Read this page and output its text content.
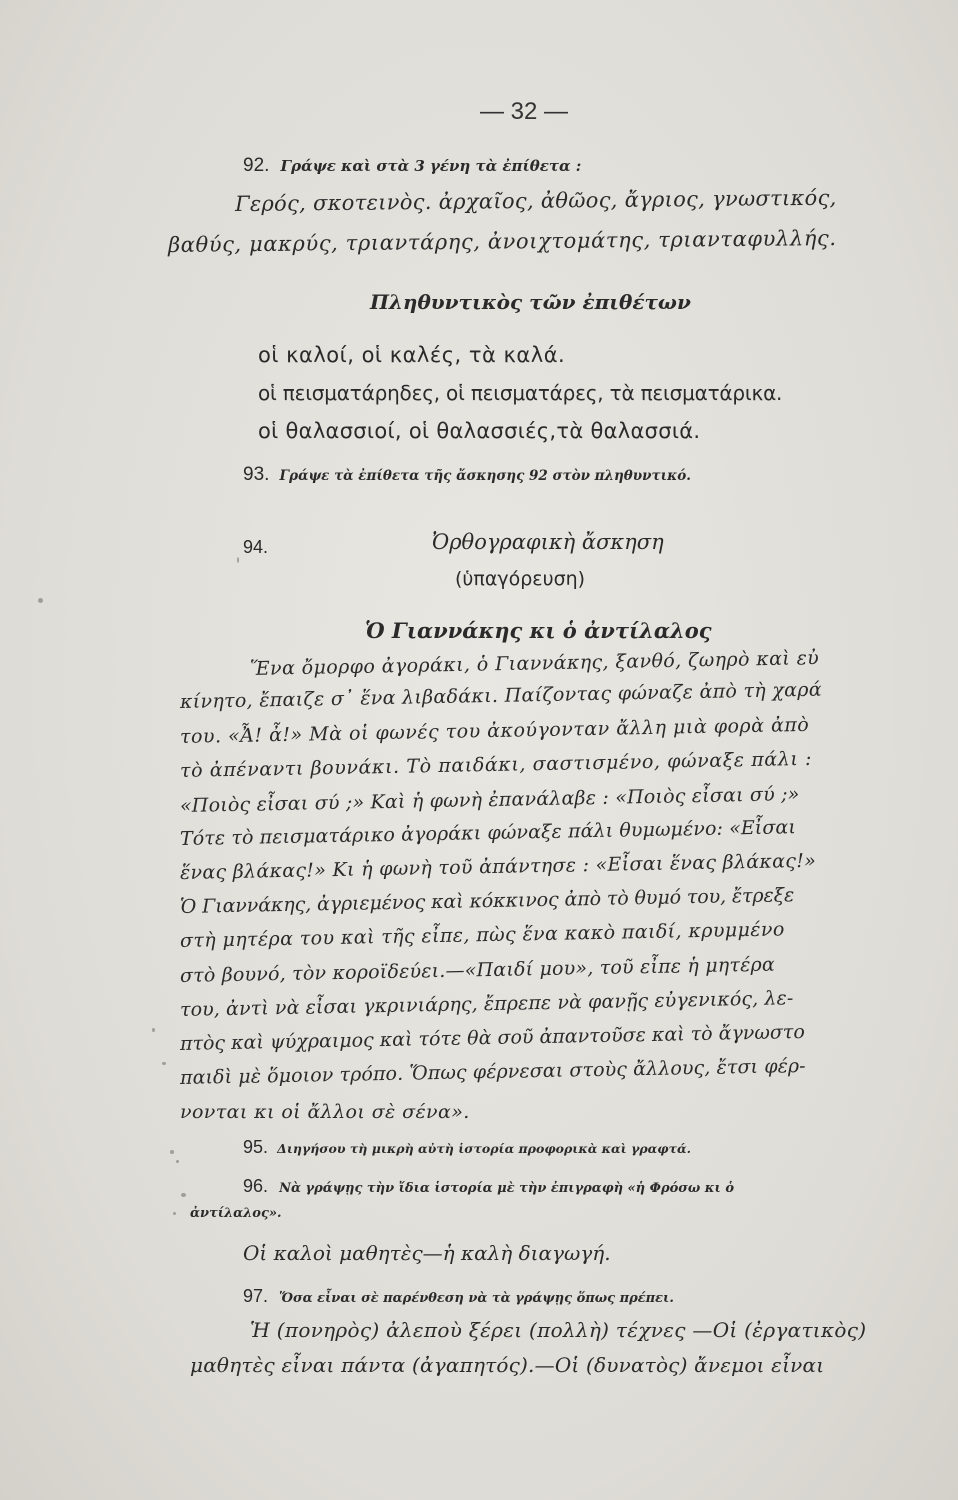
— 32 —
92. Γράψε καὶ στὰ 3 γένη τὰ ἐπίθετα :
Γερός, σκοτεινὸς. ἀρχαῖος, ἀθῶος, ἄγριος, γνωστικός,
βαθύς, μακρύς, τριαντάρης, ἀνοιχτομάτης, τριανταφυλλής.
Πληθυντικὸς τῶν ἐπιθέτων
οἱ καλοί, οἱ καλές, τὰ καλά.
οἱ πεισματάρηδες, οἱ πεισματάρες, τὰ πεισματάρικα.
οἱ θαλασσιοί, οἱ θαλασσιές,τὰ θαλασσιά.
93. Γράψε τὰ ἐπίθετα τῆς ἄσκησης 92 στὸν πληθυντικό.
94.	Ὀρθογραφικὴ ἄσκηση
(ὑπαγόρευση)
Ὁ Γιαννάκης κι ὁ ἀντίλαλος
Ἕνα ὄμορφο ἀγοράκι, ὁ Γιαννάκης, ξανθό, ζωηρὸ καὶ εὐ
κίνητο, ἔπαιζε σ᾽ ἕνα λιβαδάκι. Παίζοντας φώναζε ἀπὸ τὴ χαρά
του. «Ἆ! ἆ!» Μὰ οἱ φωνές του ἀκούγονταν ἄλλη μιὰ φορὰ ἀπὸ
τὸ ἀπέναντι βουνάκι. Τὸ παιδάκι, σαστισμένο, φώναξε πάλι :
«Ποιὸς εἶσαι σύ ;» Καὶ ἡ φωνὴ ἐπανάλαβε : «Ποιὸς εἶσαι σύ ;»
Τότε τὸ πεισματάρικο ἀγοράκι φώναξε πάλι θυμωμένο: «Εἶσαι
ἕνας βλάκας!» Κι ἡ φωνὴ τοῦ ἀπάντησε : «Εἶσαι ἕνας βλάκας!»
Ὁ Γιαννάκης, ἀγριεμένος καὶ κόκκινος ἀπὸ τὸ θυμό του, ἔτρεξε
στὴ μητέρα του καὶ τῆς εἶπε, πὼς ἕνα κακὸ παιδί, κρυμμένο
στὸ βουνό, τὸν κοροϊδεύει.—«Παιδί μου», τοῦ εἶπε ἡ μητέρα
του, ἀντὶ νὰ εἶσαι γκρινιάρης, ἔπρεπε νὰ φανῇς εὐγενικός, λε-
πτὸς καὶ ψύχραιμος καὶ τότε θὰ σοῦ ἀπαντοῦσε καὶ τὸ ἄγνωστο
παιδὶ μὲ ὅμοιον τρόπο. Ὅπως φέρνεσαι στοὺς ἄλλους, ἔτσι φέρ-
νονται κι οἱ ἄλλοι σὲ σένα».
95. Διηγήσου τὴ μικρὴ αὐτὴ ἱστορία προφορικὰ καὶ γραφτά.
96. Νὰ γράψῃς τὴν ἴδια ἱστορία μὲ τὴν ἐπιγραφὴ «ἡ Φρόσω κι ὁ
ἀντίλαλος».
Οἱ καλοὶ μαθητὲς—ἡ καλὴ διαγωγή.
97. Ὅσα εἶναι σὲ παρένθεση νὰ τὰ γράψῃς ὅπως πρέπει.
Ἡ (πονηρὸς) ἀλεποὺ ξέρει (πολλὴ) τέχνες —Οἱ (ἐργατικὸς)
μαθητὲς εἶναι πάντα (ἀγαπητός).—Οἱ (δυνατὸς) ἄνεμοι εἶναι
